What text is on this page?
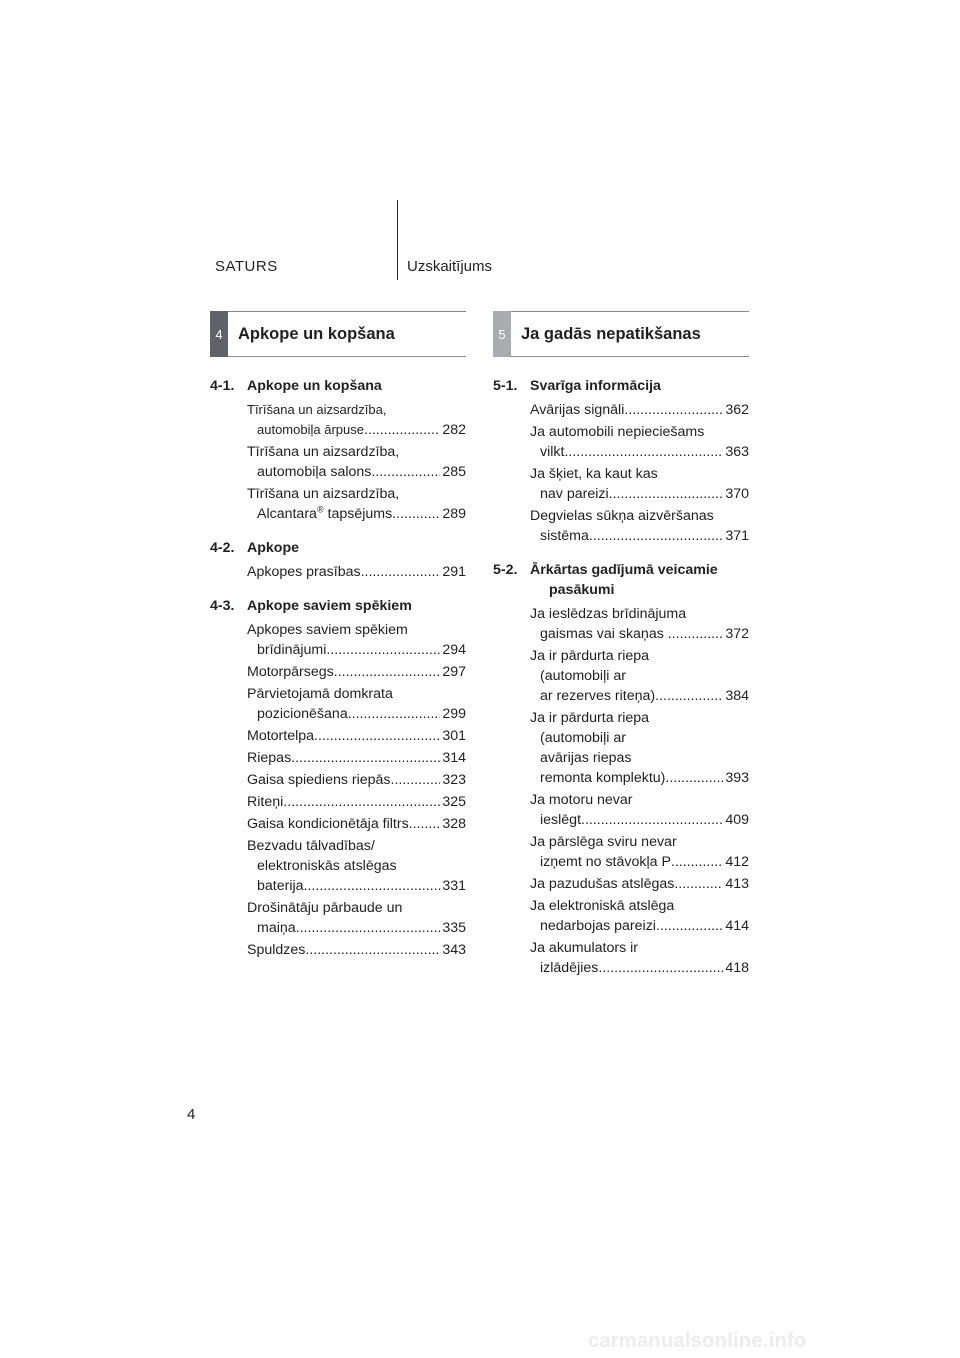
SATURS	Uzskaitījums
4 Apkope un kopšana	5 Ja gadās nepatikšanas
4-1. Apkope un kopšana
Tīrīšana un aizsardzība,
automobiļa ārpuse .....	282
Tīrīšana un aizsardzība,
automobiļa salons .....	285
Tīrīšana un aizsardzība,
Alcantara® tapsējums .....	289
4-2. Apkope
Apkopes prasības .....	291
4-3. Apkope saviem spēkiem
Apkopes saviem spēkiem
brīdinājumi .....	294
Motorpārsegs .....	297
Pārvietojamā domkrata
pozicionēšana .....	299
Motortelpa .....	301
Riepas .....	314
Gaisa spiediens riepās .....	323
Riteņi .....	325
Gaisa kondicionētāja filtrs ..... 328
Bezvadu tālvadības/
elektroniskās atslēgas
baterija .....	331
Drošinātāju pārbaude un
maiņa .....	335
Spuldzes .....	343
5-1. Svarīga informācija
Avārijas signāli .....	362
Ja automobili nepieciešams
vilkt .....	363
Ja šķiet, ka kaut kas
nav pareizi .....	370
Degvielas sūkņa aizvēršanas
sistēma .....	371
5-2. Ārkārtas gadījumā veicamie
pasākumi
Ja ieslēdzas brīdinājuma
gaismas vai skaņas ... .....	372
Ja ir pārdurta riepa
(automobiļi ar
ar rezerves riteņa) .....	384
Ja ir pārdurta riepa
(automobiļi ar
avārijas riepas
remonta komplektu) .....	393
Ja motoru nevar
ieslēgt .....	409
Ja pārslēga sviru nevar
izņemt no stāvokļa P .....	412
Ja pazudušas atslēgas .....	413
Ja elektroniskā atslēga
nedarbojas pareizi .....	414
Ja akumulators ir
izlādējies .....	418
4
carmanualsonline.info
